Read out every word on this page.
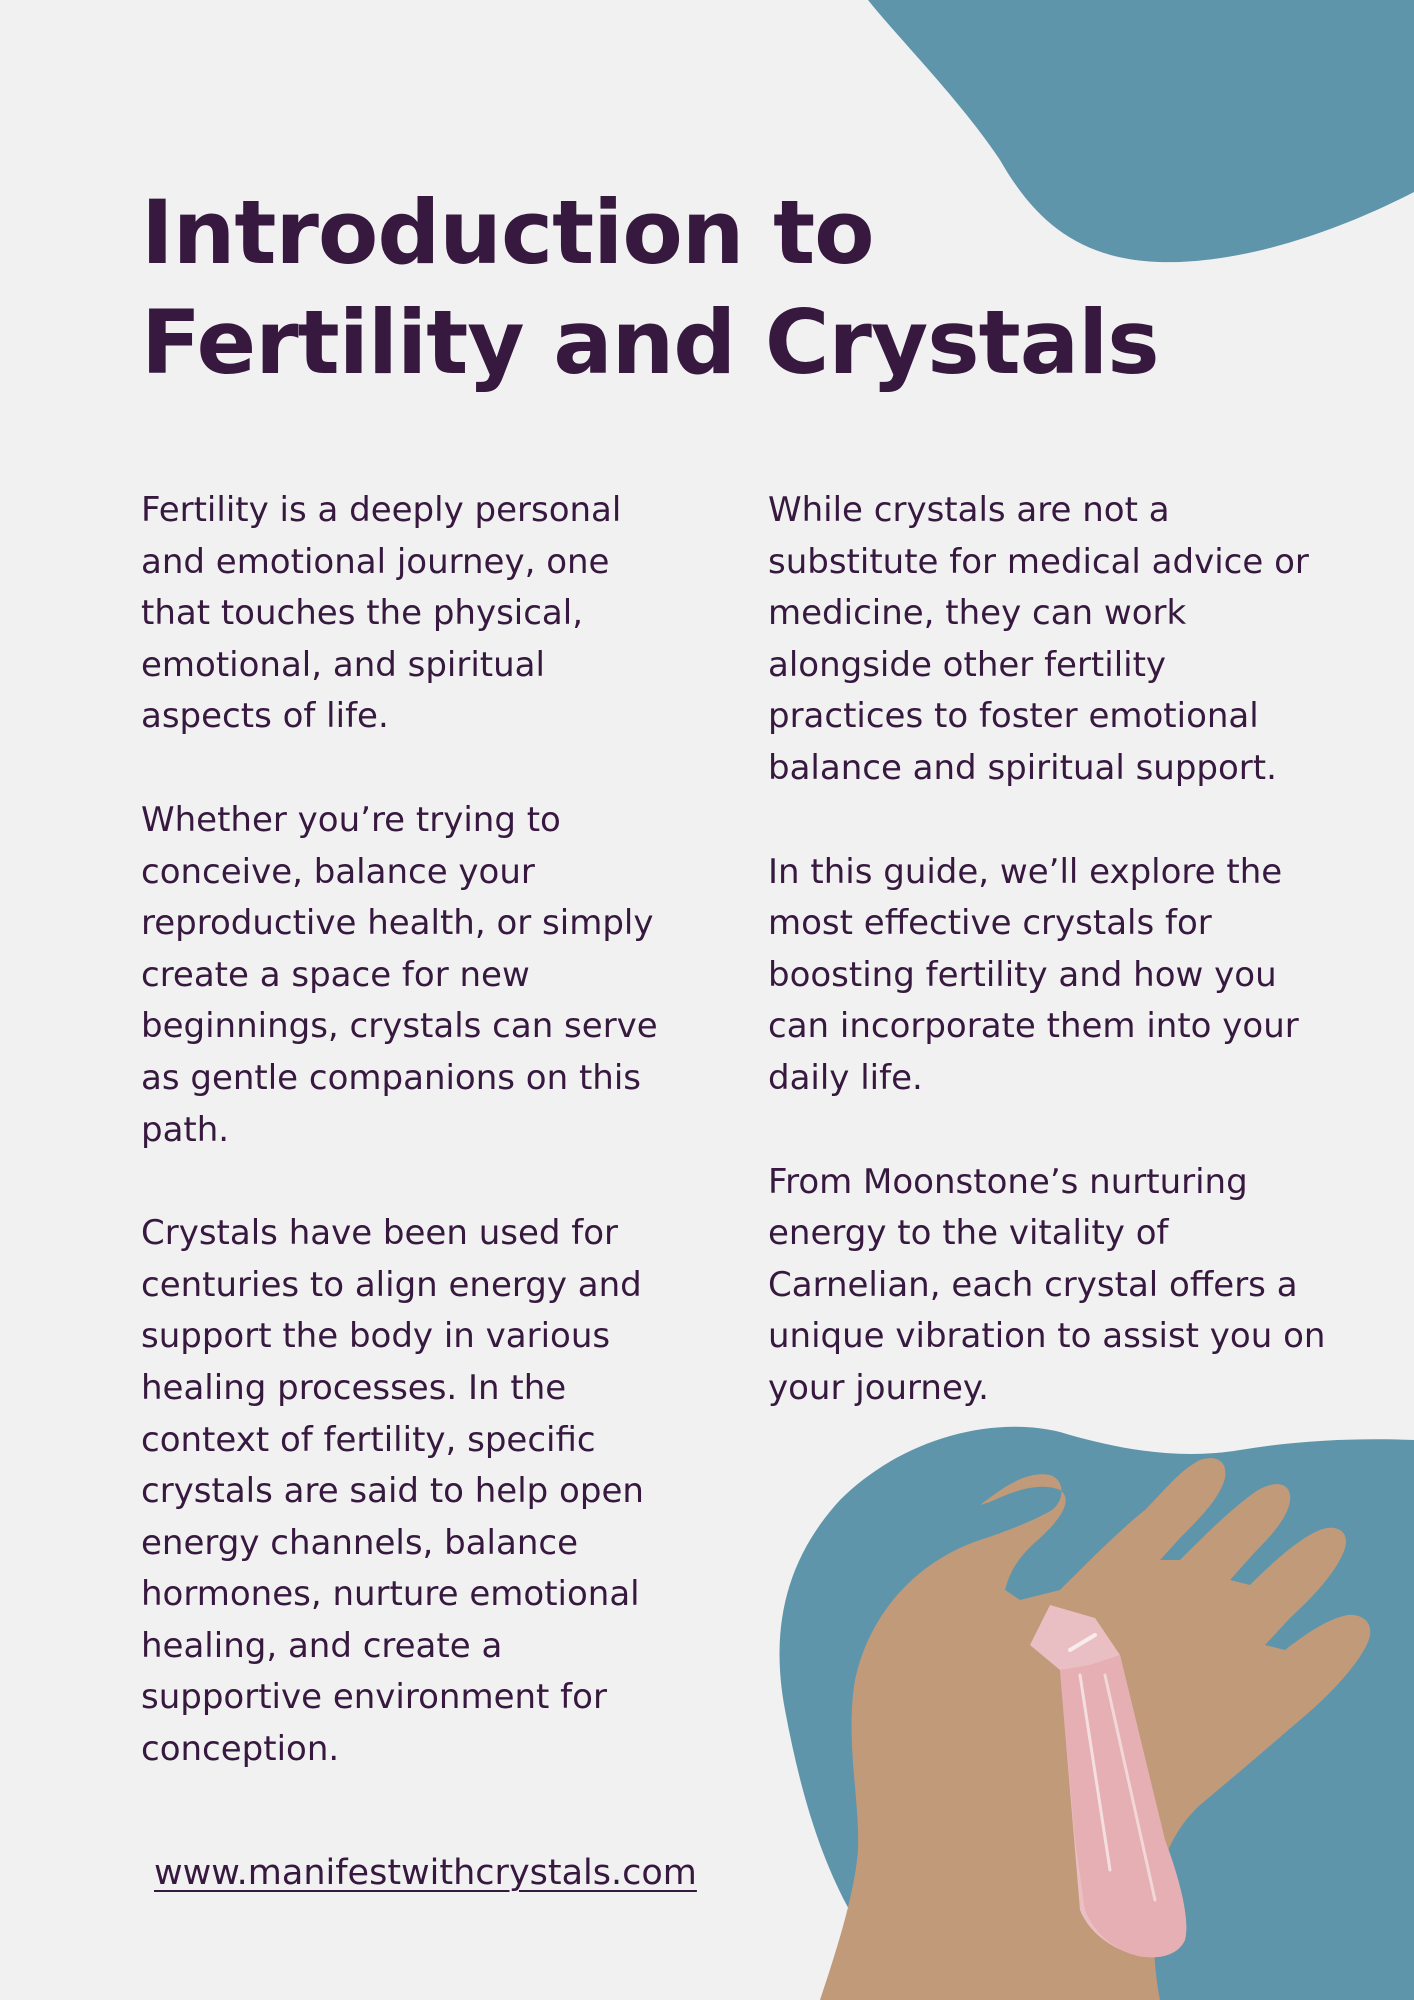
Introduction to
Fertility and Crystals

Fertility is a deeply personal and emotional journey, one that touches the physical, emotional, and spiritual aspects of life.

Whether you’re trying to conceive, balance your reproductive health, or simply create a space for new beginnings, crystals can serve as gentle companions on this path.

Crystals have been used for centuries to align energy and support the body in various healing processes. In the context of fertility, specific crystals are said to help open energy channels, balance hormones, nurture emotional healing, and create a supportive environment for conception.

While crystals are not a substitute for medical advice or medicine, they can work alongside other fertility practices to foster emotional balance and spiritual support.

In this guide, we’ll explore the most effective crystals for boosting fertility and how you can incorporate them into your daily life.

From Moonstone’s nurturing energy to the vitality of Carnelian, each crystal offers a unique vibration to assist you on your journey.

www.manifestwithcrystals.com
